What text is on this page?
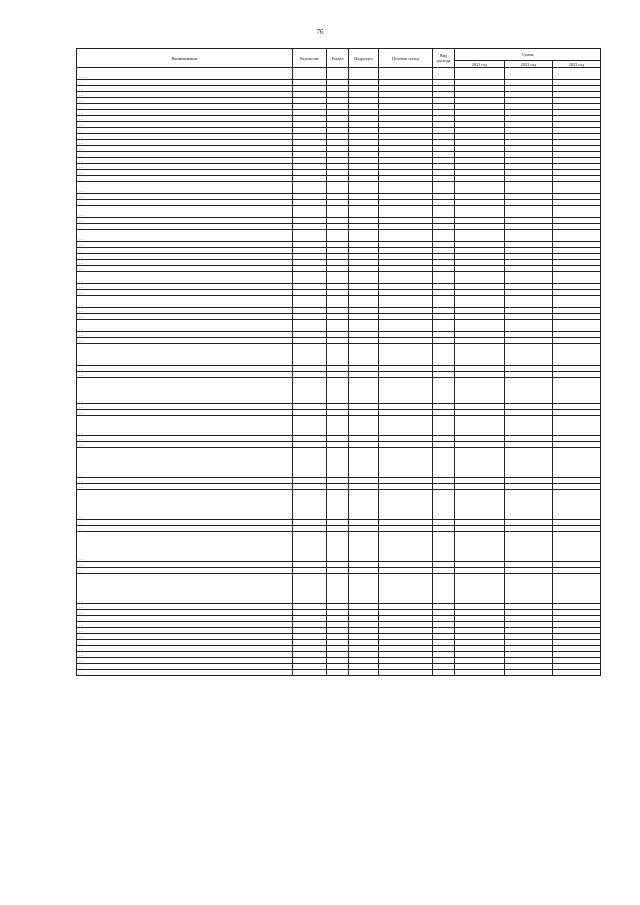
76
Наименование	Ведомство	Раздел	Подраздел	Целевая статья	Вид расхода	Сумма		
						2021 год	2022 год	2023 год
… …								
…								
…								
…								
…								
…								
…								
…								
…								
…								
…								
…								
…								
…								
…								
…								
…								
…								
…								
…								
…								
…								
…								
…								
…								
…								
…								
…								
…								
…								
…								
…								
…								
…								
…								
…								
…								
…								
…								
…								
…								
…								
…								
…								
…								
…								
…								
…								
…								
…								
…								
…								
…								
…								
…								
…								
…								
…								
…								
…								
…								
…								
…								
…								
…								
…								
…								
…								
…								
…								
